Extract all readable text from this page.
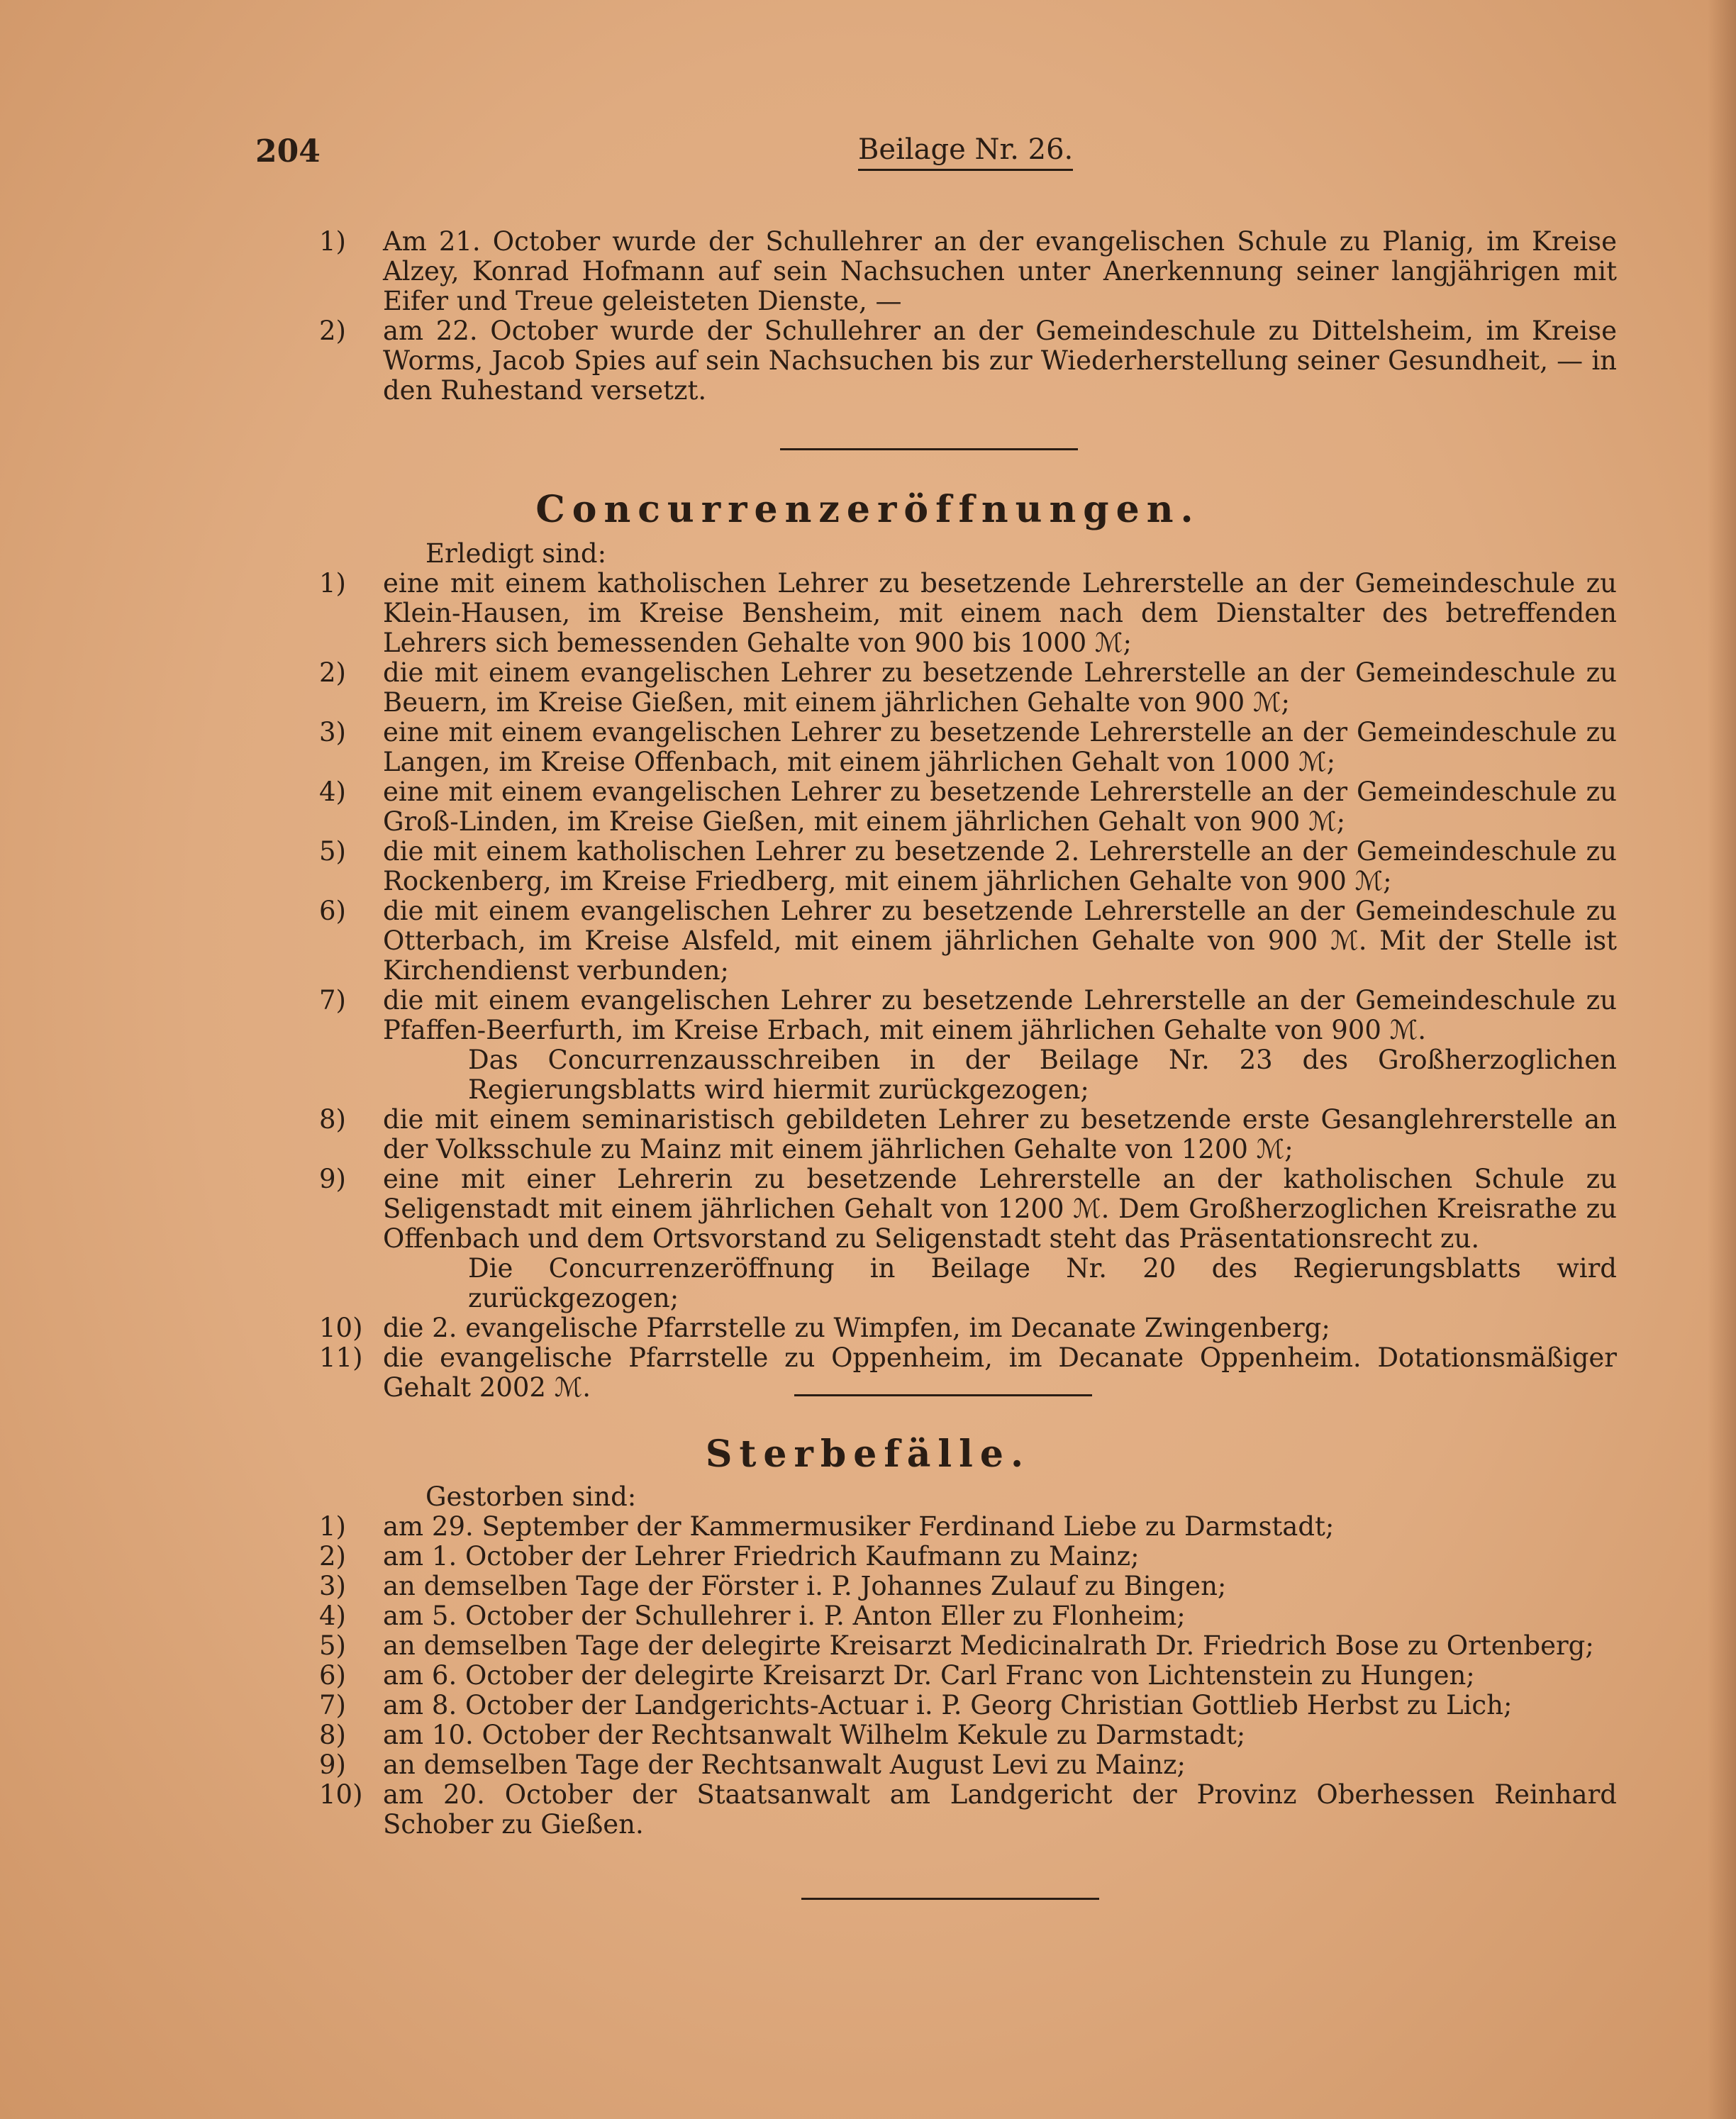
204	Beilage Nr. 26.
1)	Am 21. October wurde der Schullehrer an der evangelischen Schule zu Planig, im Kreise Alzey, Konrad Hofmann auf sein Nachsuchen unter Anerkennung seiner langjährigen mit Eifer und Treue geleisteten Dienste, —
2)	am 22. October wurde der Schullehrer an der Gemeindeschule zu Dittelsheim, im Kreise Worms, Jacob Spies auf sein Nachsuchen bis zur Wiederherstellung seiner Gesundheit, — in den Ruhestand versetzt.
Concurrenzeröffnungen.
Erledigt sind:
1)	eine mit einem katholischen Lehrer zu besetzende Lehrerstelle an der Gemeindeschule zu Klein-Hausen, im Kreise Bensheim, mit einem nach dem Dienstalter des betreffenden Lehrers sich bemessenden Gehalte von 900 bis 1000 ℳ;
2)	die mit einem evangelischen Lehrer zu besetzende Lehrerstelle an der Gemeindeschule zu Beuern, im Kreise Gießen, mit einem jährlichen Gehalte von 900 ℳ;
3)	eine mit einem evangelischen Lehrer zu besetzende Lehrerstelle an der Gemeindeschule zu Langen, im Kreise Offenbach, mit einem jährlichen Gehalt von 1000 ℳ;
4)	eine mit einem evangelischen Lehrer zu besetzende Lehrerstelle an der Gemeindeschule zu Groß-Linden, im Kreise Gießen, mit einem jährlichen Gehalt von 900 ℳ;
5)	die mit einem katholischen Lehrer zu besetzende 2. Lehrerstelle an der Gemeindeschule zu Rockenberg, im Kreise Friedberg, mit einem jährlichen Gehalte von 900 ℳ;
6)	die mit einem evangelischen Lehrer zu besetzende Lehrerstelle an der Gemeindeschule zu Otterbach, im Kreise Alsfeld, mit einem jährlichen Gehalte von 900 ℳ. Mit der Stelle ist Kirchendienst verbunden;
7)	die mit einem evangelischen Lehrer zu besetzende Lehrerstelle an der Gemeindeschule zu Pfaffen-Beerfurth, im Kreise Erbach, mit einem jährlichen Gehalte von 900 ℳ.
Das Concurrenzausschreiben in der Beilage Nr. 23 des Großherzoglichen Regierungsblatts wird hiermit zurückgezogen;
8)	die mit einem seminaristisch gebildeten Lehrer zu besetzende erste Gesanglehrerstelle an der Volksschule zu Mainz mit einem jährlichen Gehalte von 1200 ℳ;
9)	eine mit einer Lehrerin zu besetzende Lehrerstelle an der katholischen Schule zu Seligenstadt mit einem jährlichen Gehalt von 1200 ℳ. Dem Großherzoglichen Kreisrathe zu Offenbach und dem Ortsvorstand zu Seligenstadt steht das Präsentationsrecht zu.
Die Concurrenzeröffnung in Beilage Nr. 20 des Regierungsblatts wird zurückgezogen;
10) die 2. evangelische Pfarrstelle zu Wimpfen, im Decanate Zwingenberg;
11) die evangelische Pfarrstelle zu Oppenheim, im Decanate Oppenheim. Dotationsmäßiger Gehalt 2002 ℳ.
Sterbefälle.
Gestorben sind:
1)	am 29. September der Kammermusiker Ferdinand Liebe zu Darmstadt;
2)	am 1. October der Lehrer Friedrich Kaufmann zu Mainz;
3)	an demselben Tage der Förster i. P. Johannes Zulauf zu Bingen;
4)	am 5. October der Schullehrer i. P. Anton Eller zu Flonheim;
5)	an demselben Tage der delegirte Kreisarzt Medicinalrath Dr. Friedrich Bose zu Ortenberg;
6)	am 6. October der delegirte Kreisarzt Dr. Carl Franc von Lichtenstein zu Hungen;
7)	am 8. October der Landgerichts-Actuar i. P. Georg Christian Gottlieb Herbst zu Lich;
8)	am 10. October der Rechtsanwalt Wilhelm Kekule zu Darmstadt;
9)	an demselben Tage der Rechtsanwalt August Levi zu Mainz;
10) am 20. October der Staatsanwalt am Landgericht der Provinz Oberhessen Reinhard Schober zu Gießen.
